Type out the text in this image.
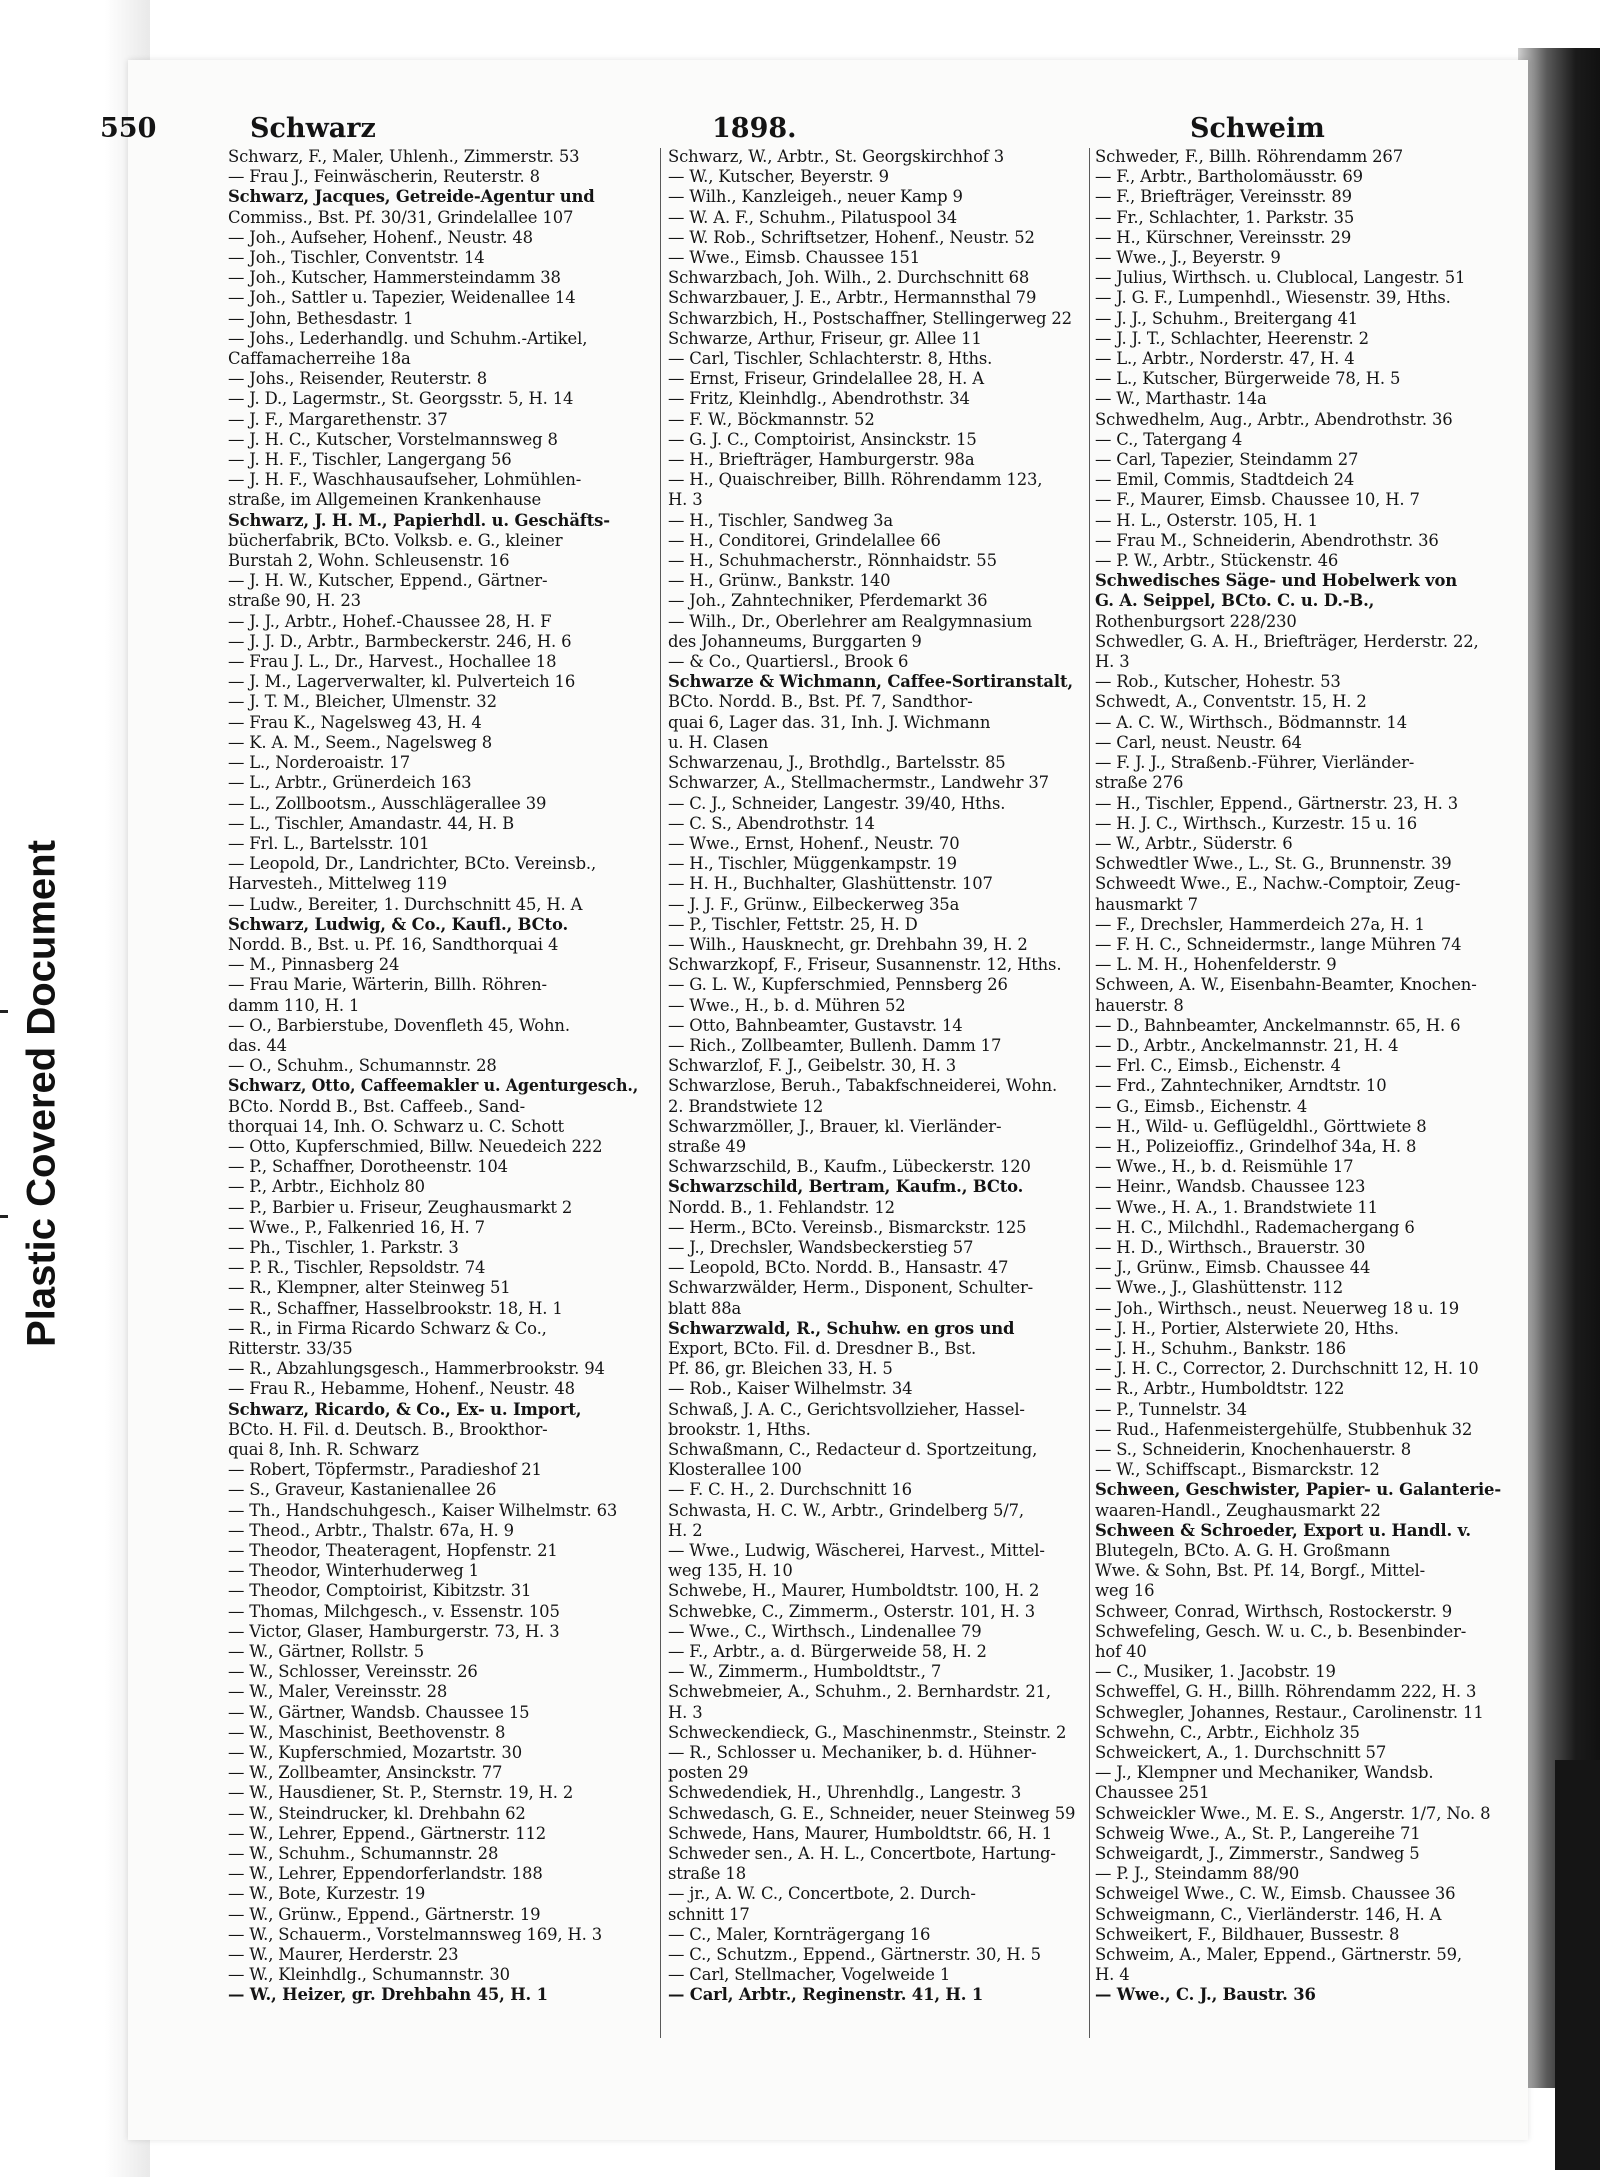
Plastic Covered Document
550	Schwarz	1898.	Schweim
Schwarz, F., Maler, Uhlenh., Zimmerstr. 53
— Frau J., Feinwäscherin, Reuterstr. 8
Schwarz, Jacques, Getreide-Agentur und
Commiss., Bst. Pf. 30/31, Grindelallee 107
— Joh., Aufseher, Hohenf., Neustr. 48
— Joh., Tischler, Conventstr. 14
— Joh., Kutscher, Hammersteindamm 38
— Joh., Sattler u. Tapezier, Weidenallee 14
— John, Bethesdastr. 1
— Johs., Lederhandlg. und Schuhm.-Artikel,
Caffamacherreihe 18a
— Johs., Reisender, Reuterstr. 8
— J. D., Lagermstr., St. Georgsstr. 5, H. 14
— J. F., Margarethenstr. 37
— J. H. C., Kutscher, Vorstelmannsweg 8
— J. H. F., Tischler, Langergang 56
— J. H. F., Waschhausaufseher, Lohmühlen-
straße, im Allgemeinen Krankenhause
Schwarz, J. H. M., Papierhdl. u. Geschäfts-
bücherfabrik, BCto. Volksb. e. G., kleiner
Burstah 2, Wohn. Schleusenstr. 16
— J. H. W., Kutscher, Eppend., Gärtner-
straße 90, H. 23
— J. J., Arbtr., Hohef.-Chaussee 28, H. F
— J. J. D., Arbtr., Barmbeckerstr. 246, H. 6
— Frau J. L., Dr., Harvest., Hochallee 18
— J. M., Lagerverwalter, kl. Pulverteich 16
— J. T. M., Bleicher, Ulmenstr. 32
— Frau K., Nagelsweg 43, H. 4
— K. A. M., Seem., Nagelsweg 8
— L., Norderoaistr. 17
— L., Arbtr., Grünerdeich 163
— L., Zollbootsm., Ausschlägerallee 39
— L., Tischler, Amandastr. 44, H. B
— Frl. L., Bartelsstr. 101
— Leopold, Dr., Landrichter, BCto. Vereinsb.,
Harvesteh., Mittelweg 119
— Ludw., Bereiter, 1. Durchschnitt 45, H. A
Schwarz, Ludwig, & Co., Kaufl., BCto.
Nordd. B., Bst. u. Pf. 16, Sandthorquai 4
— M., Pinnasberg 24
— Frau Marie, Wärterin, Billh. Röhren-
damm 110, H. 1
— O., Barbierstube, Dovenfleth 45, Wohn.
das. 44
— O., Schuhm., Schumannstr. 28
Schwarz, Otto, Caffeemakler u. Agenturgesch.,
BCto. Nordd B., Bst. Caffeeb., Sand-
thorquai 14, Inh. O. Schwarz u. C. Schott
— Otto, Kupferschmied, Billw. Neuedeich 222
— P., Schaffner, Dorotheenstr. 104
— P., Arbtr., Eichholz 80
— P., Barbier u. Friseur, Zeughausmarkt 2
— Wwe., P., Falkenried 16, H. 7
— Ph., Tischler, 1. Parkstr. 3
— P. R., Tischler, Repsoldstr. 74
— R., Klempner, alter Steinweg 51
— R., Schaffner, Hasselbrookstr. 18, H. 1
— R., in Firma Ricardo Schwarz & Co.,
Ritterstr. 33/35
— R., Abzahlungsgesch., Hammerbrookstr. 94
— Frau R., Hebamme, Hohenf., Neustr. 48
Schwarz, Ricardo, & Co., Ex- u. Import,
BCto. H. Fil. d. Deutsch. B., Brookthor-
quai 8, Inh. R. Schwarz
— Robert, Töpfermstr., Paradieshof 21
— S., Graveur, Kastanienallee 26
— Th., Handschuhgesch., Kaiser Wilhelmstr. 63
— Theod., Arbtr., Thalstr. 67a, H. 9
— Theodor, Theateragent, Hopfenstr. 21
— Theodor, Winterhuderweg 1
— Theodor, Comptoirist, Kibitzstr. 31
— Thomas, Milchgesch., v. Essenstr. 105
— Victor, Glaser, Hamburgerstr. 73, H. 3
— W., Gärtner, Rollstr. 5
— W., Schlosser, Vereinsstr. 26
— W., Maler, Vereinsstr. 28
— W., Gärtner, Wandsb. Chaussee 15
— W., Maschinist, Beethovenstr. 8
— W., Kupferschmied, Mozartstr. 30
— W., Zollbeamter, Ansinckstr. 77
— W., Hausdiener, St. P., Sternstr. 19, H. 2
— W., Steindrucker, kl. Drehbahn 62
— W., Lehrer, Eppend., Gärtnerstr. 112
— W., Schuhm., Schumannstr. 28
— W., Lehrer, Eppendorferlandstr. 188
— W., Bote, Kurzestr. 19
— W., Grünw., Eppend., Gärtnerstr. 19
— W., Schauerm., Vorstelmannsweg 169, H. 3
— W., Maurer, Herderstr. 23
— W., Kleinhdlg., Schumannstr. 30
— W., Heizer, gr. Drehbahn 45, H. 1
Schwarz, W., Arbtr., St. Georgskirchhof 3
— W., Kutscher, Beyerstr. 9
— Wilh., Kanzleigeh., neuer Kamp 9
— W. A. F., Schuhm., Pilatuspool 34
— W. Rob., Schriftsetzer, Hohenf., Neustr. 52
— Wwe., Eimsb. Chaussee 151
Schwarzbach, Joh. Wilh., 2. Durchschnitt 68
Schwarzbauer, J. E., Arbtr., Hermannsthal 79
Schwarzbich, H., Postschaffner, Stellingerweg 22
Schwarze, Arthur, Friseur, gr. Allee 11
— Carl, Tischler, Schlachterstr. 8, Hths.
— Ernst, Friseur, Grindelallee 28, H. A
— Fritz, Kleinhdlg., Abendrothstr. 34
— F. W., Böckmannstr. 52
— G. J. C., Comptoirist, Ansinckstr. 15
— H., Briefträger, Hamburgerstr. 98a
— H., Quaischreiber, Billh. Röhrendamm 123,
H. 3
— H., Tischler, Sandweg 3a
— H., Conditorei, Grindelallee 66
— H., Schuhmacherstr., Rönnhaidstr. 55
— H., Grünw., Bankstr. 140
— Joh., Zahntechniker, Pferdemarkt 36
— Wilh., Dr., Oberlehrer am Realgymnasium
des Johanneums, Burggarten 9
— & Co., Quartiersl., Brook 6
Schwarze & Wichmann, Caffee-Sortiranstalt,
BCto. Nordd. B., Bst. Pf. 7, Sandthor-
quai 6, Lager das. 31, Inh. J. Wichmann
u. H. Clasen
Schwarzenau, J., Brothdlg., Bartelsstr. 85
Schwarzer, A., Stellmachermstr., Landwehr 37
— C. J., Schneider, Langestr. 39/40, Hths.
— C. S., Abendrothstr. 14
— Wwe., Ernst, Hohenf., Neustr. 70
— H., Tischler, Müggenkampstr. 19
— H. H., Buchhalter, Glashüttenstr. 107
— J. J. F., Grünw., Eilbeckerweg 35a
— P., Tischler, Fettstr. 25, H. D
— Wilh., Hausknecht, gr. Drehbahn 39, H. 2
Schwarzkopf, F., Friseur, Susannenstr. 12, Hths.
— G. L. W., Kupferschmied, Pennsberg 26
— Wwe., H., b. d. Mühren 52
— Otto, Bahnbeamter, Gustavstr. 14
— Rich., Zollbeamter, Bullenh. Damm 17
Schwarzlof, F. J., Geibelstr. 30, H. 3
Schwarzlose, Beruh., Tabakfschneiderei, Wohn.
2. Brandstwiete 12
Schwarzmöller, J., Brauer, kl. Vierländer-
straße 49
Schwarzschild, B., Kaufm., Lübeckerstr. 120
Schwarzschild, Bertram, Kaufm., BCto.
Nordd. B., 1. Fehlandstr. 12
— Herm., BCto. Vereinsb., Bismarckstr. 125
— J., Drechsler, Wandsbeckerstieg 57
— Leopold, BCto. Nordd. B., Hansastr. 47
Schwarzwälder, Herm., Disponent, Schulter-
blatt 88a
Schwarzwald, R., Schuhw. en gros und
Export, BCto. Fil. d. Dresdner B., Bst.
Pf. 86, gr. Bleichen 33, H. 5
— Rob., Kaiser Wilhelmstr. 34
Schwaß, J. A. C., Gerichtsvollzieher, Hassel-
brookstr. 1, Hths.
Schwaßmann, C., Redacteur d. Sportzeitung,
Klosterallee 100
— F. C. H., 2. Durchschnitt 16
Schwasta, H. C. W., Arbtr., Grindelberg 5/7,
H. 2
— Wwe., Ludwig, Wäscherei, Harvest., Mittel-
weg 135, H. 10
Schwebe, H., Maurer, Humboldtstr. 100, H. 2
Schwebke, C., Zimmerm., Osterstr. 101, H. 3
— Wwe., C., Wirthsch., Lindenallee 79
— F., Arbtr., a. d. Bürgerweide 58, H. 2
— W., Zimmerm., Humboldtstr., 7
Schwebmeier, A., Schuhm., 2. Bernhardstr. 21,
H. 3
Schweckendieck, G., Maschinenmstr., Steinstr. 2
— R., Schlosser u. Mechaniker, b. d. Hühner-
posten 29
Schwedendiek, H., Uhrenhdlg., Langestr. 3
Schwedasch, G. E., Schneider, neuer Steinweg 59
Schwede, Hans, Maurer, Humboldtstr. 66, H. 1
Schweder sen., A. H. L., Concertbote, Hartung-
straße 18
— jr., A. W. C., Concertbote, 2. Durch-
schnitt 17
— C., Maler, Kornträgergang 16
— C., Schutzm., Eppend., Gärtnerstr. 30, H. 5
— Carl, Stellmacher, Vogelweide 1
— Carl, Arbtr., Reginenstr. 41, H. 1
Schweder, F., Billh. Röhrendamm 267
— F., Arbtr., Bartholomäusstr. 69
— F., Briefträger, Vereinsstr. 89
— Fr., Schlachter, 1. Parkstr. 35
— H., Kürschner, Vereinsstr. 29
— Wwe., J., Beyerstr. 9
— Julius, Wirthsch. u. Clublocal, Langestr. 51
— J. G. F., Lumpenhdl., Wiesenstr. 39, Hths.
— J. J., Schuhm., Breitergang 41
— J. J. T., Schlachter, Heerenstr. 2
— L., Arbtr., Norderstr. 47, H. 4
— L., Kutscher, Bürgerweide 78, H. 5
— W., Marthastr. 14a
Schwedhelm, Aug., Arbtr., Abendrothstr. 36
— C., Tatergang 4
— Carl, Tapezier, Steindamm 27
— Emil, Commis, Stadtdeich 24
— F., Maurer, Eimsb. Chaussee 10, H. 7
— H. L., Osterstr. 105, H. 1
— Frau M., Schneiderin, Abendrothstr. 36
— P. W., Arbtr., Stückenstr. 46
Schwedisches Säge- und Hobelwerk von
G. A. Seippel, BCto. C. u. D.-B.,
Rothenburgsort 228/230
Schwedler, G. A. H., Briefträger, Herderstr. 22,
H. 3
— Rob., Kutscher, Hohestr. 53
Schwedt, A., Conventstr. 15, H. 2
— A. C. W., Wirthsch., Bödmannstr. 14
— Carl, neust. Neustr. 64
— F. J. J., Straßenb.-Führer, Vierländer-
straße 276
— H., Tischler, Eppend., Gärtnerstr. 23, H. 3
— H. J. C., Wirthsch., Kurzestr. 15 u. 16
— W., Arbtr., Süderstr. 6
Schwedtler Wwe., L., St. G., Brunnenstr. 39
Schweedt Wwe., E., Nachw.-Comptoir, Zeug-
hausmarkt 7
— F., Drechsler, Hammerdeich 27a, H. 1
— F. H. C., Schneidermstr., lange Mühren 74
— L. M. H., Hohenfelderstr. 9
Schween, A. W., Eisenbahn-Beamter, Knochen-
hauerstr. 8
— D., Bahnbeamter, Anckelmannstr. 65, H. 6
— D., Arbtr., Anckelmannstr. 21, H. 4
— Frl. C., Eimsb., Eichenstr. 4
— Frd., Zahntechniker, Arndtstr. 10
— G., Eimsb., Eichenstr. 4
— H., Wild- u. Geflügeldhl., Görttwiete 8
— H., Polizeioffiz., Grindelhof 34a, H. 8
— Wwe., H., b. d. Reismühle 17
— Heinr., Wandsb. Chaussee 123
— Wwe., H. A., 1. Brandstwiete 11
— H. C., Milchdhl., Rademachergang 6
— H. D., Wirthsch., Brauerstr. 30
— J., Grünw., Eimsb. Chaussee 44
— Wwe., J., Glashüttenstr. 112
— Joh., Wirthsch., neust. Neuerweg 18 u. 19
— J. H., Portier, Alsterwiete 20, Hths.
— J. H., Schuhm., Bankstr. 186
— J. H. C., Corrector, 2. Durchschnitt 12, H. 10
— R., Arbtr., Humboldtstr. 122
— P., Tunnelstr. 34
— Rud., Hafenmeistergehülfe, Stubbenhuk 32
— S., Schneiderin, Knochenhauerstr. 8
— W., Schiffscapt., Bismarckstr. 12
Schween, Geschwister, Papier- u. Galanterie-
waaren-Handl., Zeughausmarkt 22
Schween & Schroeder, Export u. Handl. v.
Blutegeln, BCto. A. G. H. Großmann
Wwe. & Sohn, Bst. Pf. 14, Borgf., Mittel-
weg 16
Schweer, Conrad, Wirthsch, Rostockerstr. 9
Schwefeling, Gesch. W. u. C., b. Besenbinder-
hof 40
— C., Musiker, 1. Jacobstr. 19
Schweffel, G. H., Billh. Röhrendamm 222, H. 3
Schwegler, Johannes, Restaur., Carolinenstr. 11
Schwehn, C., Arbtr., Eichholz 35
Schweickert, A., 1. Durchschnitt 57
— J., Klempner und Mechaniker, Wandsb.
Chaussee 251
Schweickler Wwe., M. E. S., Angerstr. 1/7, No. 8
Schweig Wwe., A., St. P., Langereihe 71
Schweigardt, J., Zimmerstr., Sandweg 5
— P. J., Steindamm 88/90
Schweigel Wwe., C. W., Eimsb. Chaussee 36
Schweigmann, C., Vierländerstr. 146, H. A
Schweikert, F., Bildhauer, Bussestr. 8
Schweim, A., Maler, Eppend., Gärtnerstr. 59,
H. 4
— Wwe., C. J., Baustr. 36
